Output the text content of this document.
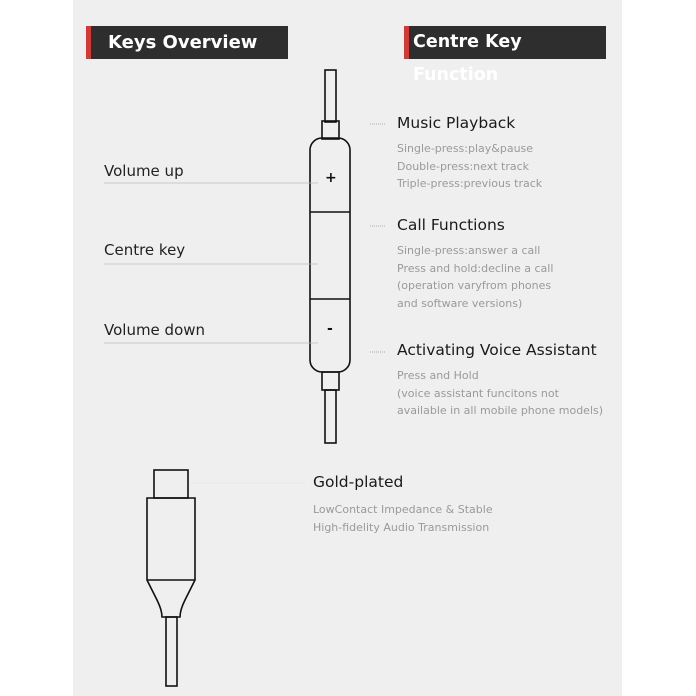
Keys Overview	Centre Key Function
Volume up
Centre key
Volume down
+
-
Music Playback
Single-press:play&pause
Double-press:next track
Triple-press:previous track
Call Functions
Single-press:answer a call
Press and hold:decline a call
(operation varyfrom phones
and software versions)
Activating Voice Assistant
Press and Hold
(voice assistant funcitons not
available in all mobile phone models)
Gold-plated
LowContact Impedance & Stable
High-fidelity Audio Transmission
